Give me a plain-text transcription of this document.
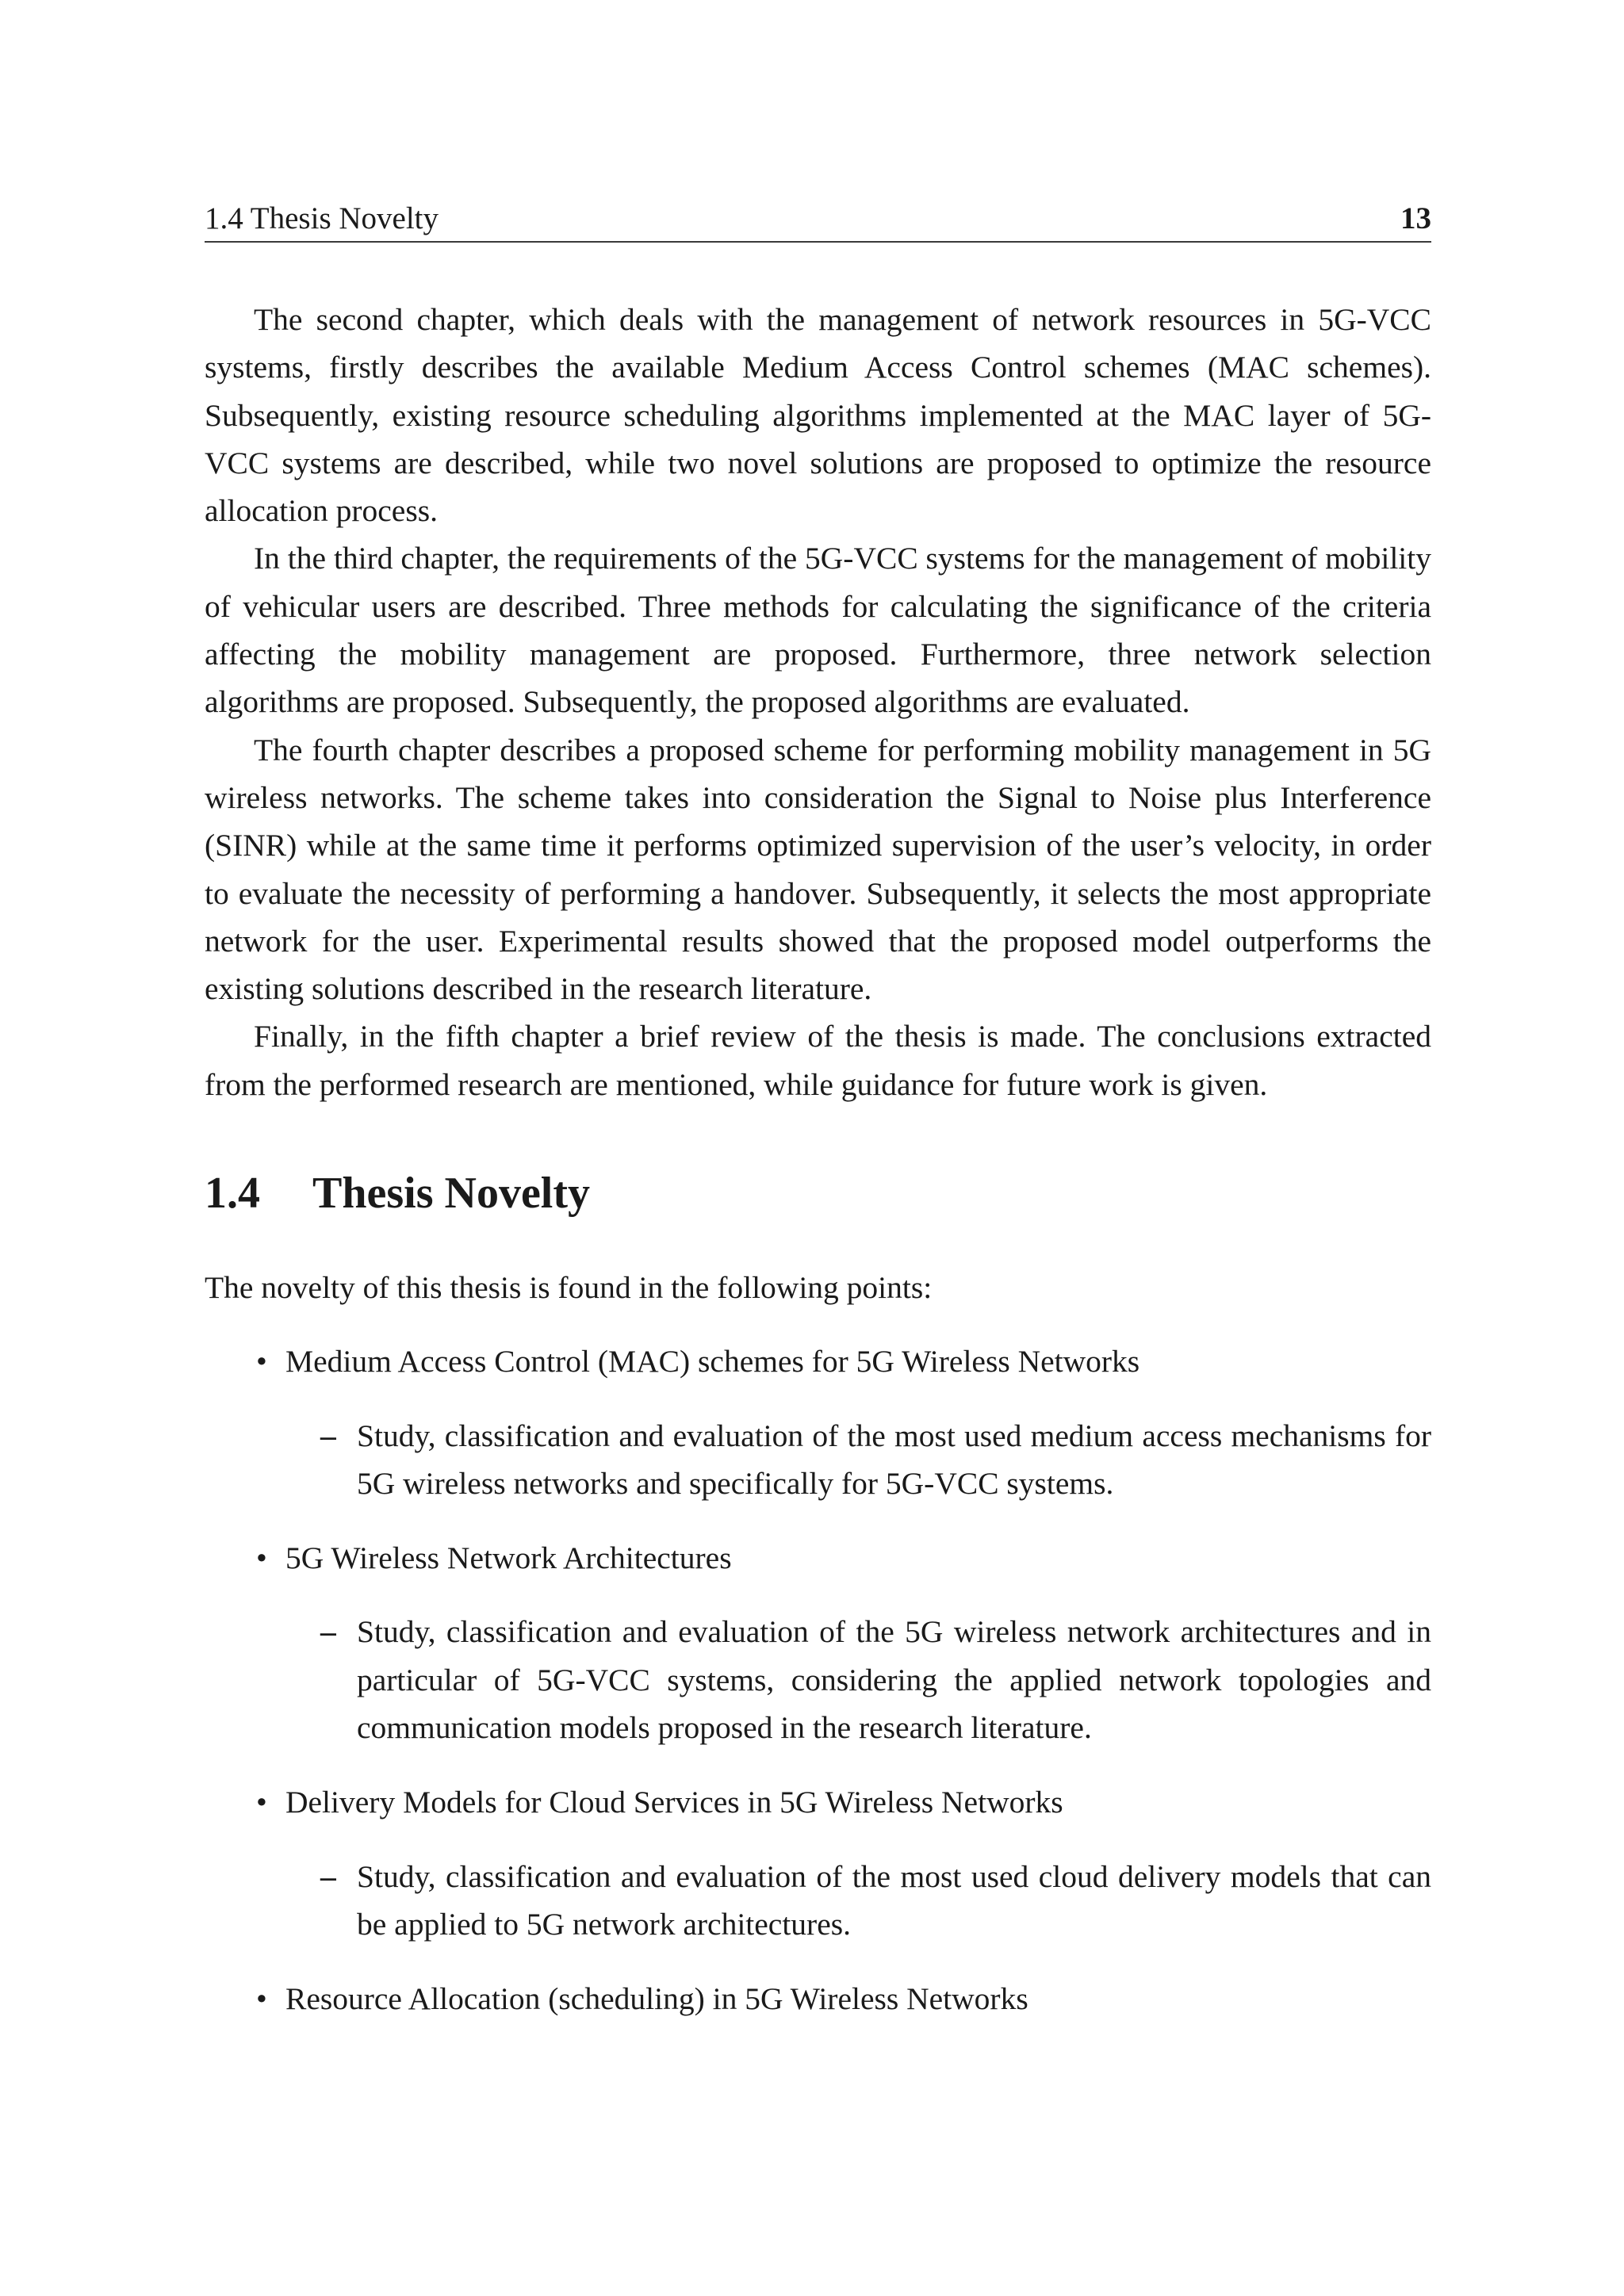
1.4 Thesis Novelty	13

The second chapter, which deals with the management of network resources in 5G-VCC systems, firstly describes the available Medium Access Control schemes (MAC schemes). Subsequently, existing resource scheduling algorithms implemented at the MAC layer of 5G-VCC systems are described, while two novel solutions are proposed to optimize the resource allocation process.

In the third chapter, the requirements of the 5G-VCC systems for the management of mobility of vehicular users are described. Three methods for calculating the significance of the criteria affecting the mobility management are proposed. Furthermore, three network selection algorithms are proposed. Subsequently, the proposed algorithms are evaluated.

The fourth chapter describes a proposed scheme for performing mobility management in 5G wireless networks. The scheme takes into consideration the Signal to Noise plus Interference (SINR) while at the same time it performs optimized supervision of the user’s velocity, in order to evaluate the necessity of performing a handover. Subsequently, it selects the most appropriate network for the user. Experimental results showed that the proposed model outperforms the existing solutions described in the research literature.

Finally, in the fifth chapter a brief review of the thesis is made. The conclusions extracted from the performed research are mentioned, while guidance for future work is given.

1.4 Thesis Novelty

The novelty of this thesis is found in the following points:

• Medium Access Control (MAC) schemes for 5G Wireless Networks
– Study, classification and evaluation of the most used medium access mechanisms for 5G wireless networks and specifically for 5G-VCC systems.
• 5G Wireless Network Architectures
– Study, classification and evaluation of the 5G wireless network architectures and in particular of 5G-VCC systems, considering the applied network topologies and communication models proposed in the research literature.
• Delivery Models for Cloud Services in 5G Wireless Networks
– Study, classification and evaluation of the most used cloud delivery models that can be applied to 5G network architectures.
• Resource Allocation (scheduling) in 5G Wireless Networks
